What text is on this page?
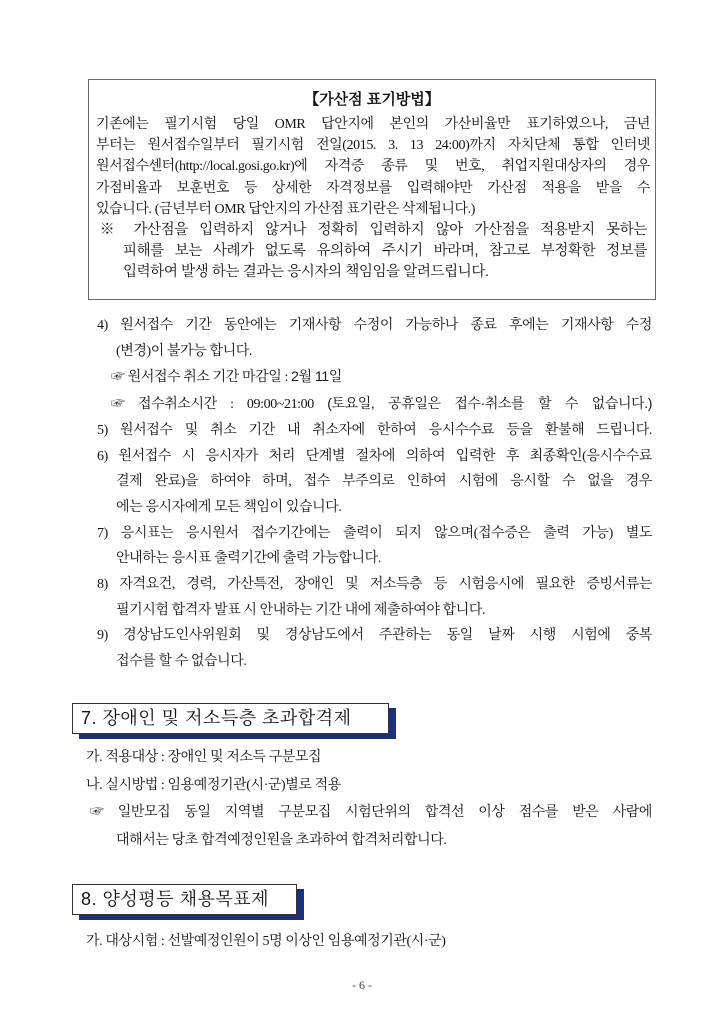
【가산점 표기방법】
기존에는 필기시험 당일 OMR 답안지에 본인의 가산비율만 표기하였으나, 금년
부터는 원서접수일부터 필기시험 전일(2015. 3. 13 24:00)까지 자치단체 통합 인터넷
원서접수센터(http://local.gosi.go.kr)에 자격증 종류 및 번호, 취업지원대상자의 경우
가점비율과 보훈번호 등 상세한 자격정보를 입력해야만 가산점 적용을 받을 수
있습니다. (금년부터 OMR 답안지의 가산점 표기란은 삭제됩니다.)
※ 가산점을 입력하지 않거나 정확히 입력하지 않아 가산점을 적용받지 못하는
피해를 보는 사례가 없도록 유의하여 주시기 바라며, 참고로 부정확한 정보를
입력하여 발생 하는 결과는 응시자의 책임임을 알려드립니다.
4) 원서접수 기간 동안에는 기재사항 수정이 가능하나 종료 후에는 기재사항 수정
(변경)이 불가능 합니다.
☞ 원서접수 취소 기간 마감일 : 2월 11일
☞ 접수취소시간 : 09:00~21:00 (토요일, 공휴일은 접수·취소를 할 수 없습니다.)
5) 원서접수 및 취소 기간 내 취소자에 한하여 응시수수료 등을 환불해 드립니다.
6) 원서접수 시 응시자가 처리 단계별 절차에 의하여 입력한 후 최종확인(응시수수료
결제 완료)을 하여야 하며, 접수 부주의로 인하여 시험에 응시할 수 없을 경우
에는 응시자에게 모든 책임이 있습니다.
7) 응시표는 응시원서 접수기간에는 출력이 되지 않으며(접수증은 출력 가능) 별도
안내하는 응시표 출력기간에 출력 가능합니다.
8) 자격요건, 경력, 가산특전, 장애인 및 저소득층 등 시험응시에 필요한 증빙서류는
필기시험 합격자 발표 시 안내하는 기간 내에 제출하여야 합니다.
9) 경상남도인사위원회 및 경상남도에서 주관하는 동일 날짜 시행 시험에 중복
접수를 할 수 없습니다.
7. 장애인 및 저소득층 초과합격제
가. 적용대상 : 장애인 및 저소득 구분모집
나. 실시방법 : 임용예정기관(시·군)별로 적용
☞ 일반모집 동일 지역별 구분모집 시험단위의 합격선 이상 점수를 받은 사람에
대해서는 당초 합격예정인원을 초과하여 합격처리합니다.
8. 양성평등 채용목표제
가. 대상시험 : 선발예정인원이 5명 이상인 임용예정기관(시·군)
- 6 -
